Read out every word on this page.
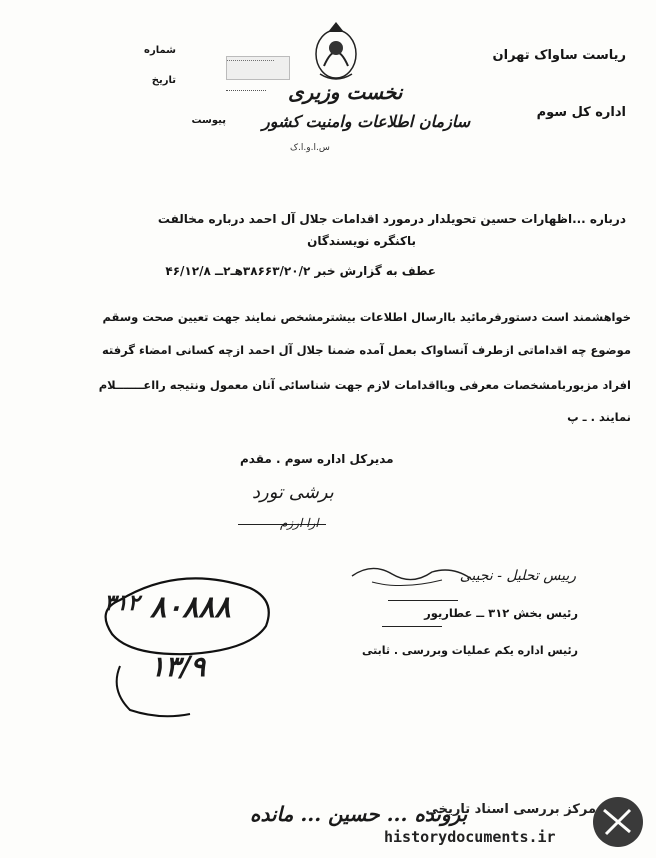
شماره
تاریخ
پیوست
نخست وزیری
سازمان اطلاعات وامنیت کشور
س.ا.و.ا.ک
ریاست ساواک تهران
اداره کل سوم
درباره ...اظهارات حسین تحویلدار درمورد اقدامات جلال آل احمد درباره مخالفت
باکنگره نویسندگان
عطف به گزارش خبر ۳۸۶۶۳/۲۰/۲هـ۲ــ ۴۶/۱۲/۸
خواهشمند است دستورفرمائید باارسال اطلاعات بیشترمشخص نمایند جهت تعیین صحت وسقم
موضوع چه اقداماتی ازطرف آنساواک بعمل آمده ضمنا جلال آل احمد ازچه کسانی امضاء گرفته
افراد مزبوربامشخصات معرفی وبااقدامات لازم جهت شناسائی آنان معمول ونتیجه رااعـــــــلام
نمایند . ـ پ
مدیرکل اداره سوم . مقدم
برشی تورد
ارا ارزم
رییس تحلیل - نجیبی
رئیس بخش ۳۱۲ ــ عطاریور
رئیس اداره یکم عملیات وبررسی . ثابتی
۸۰۸۸۸
۳۱۲
۱۳/۹
برونده ... حسین ... مانده
مرکز بررسی اسناد تاریخی
historydocuments.ir
